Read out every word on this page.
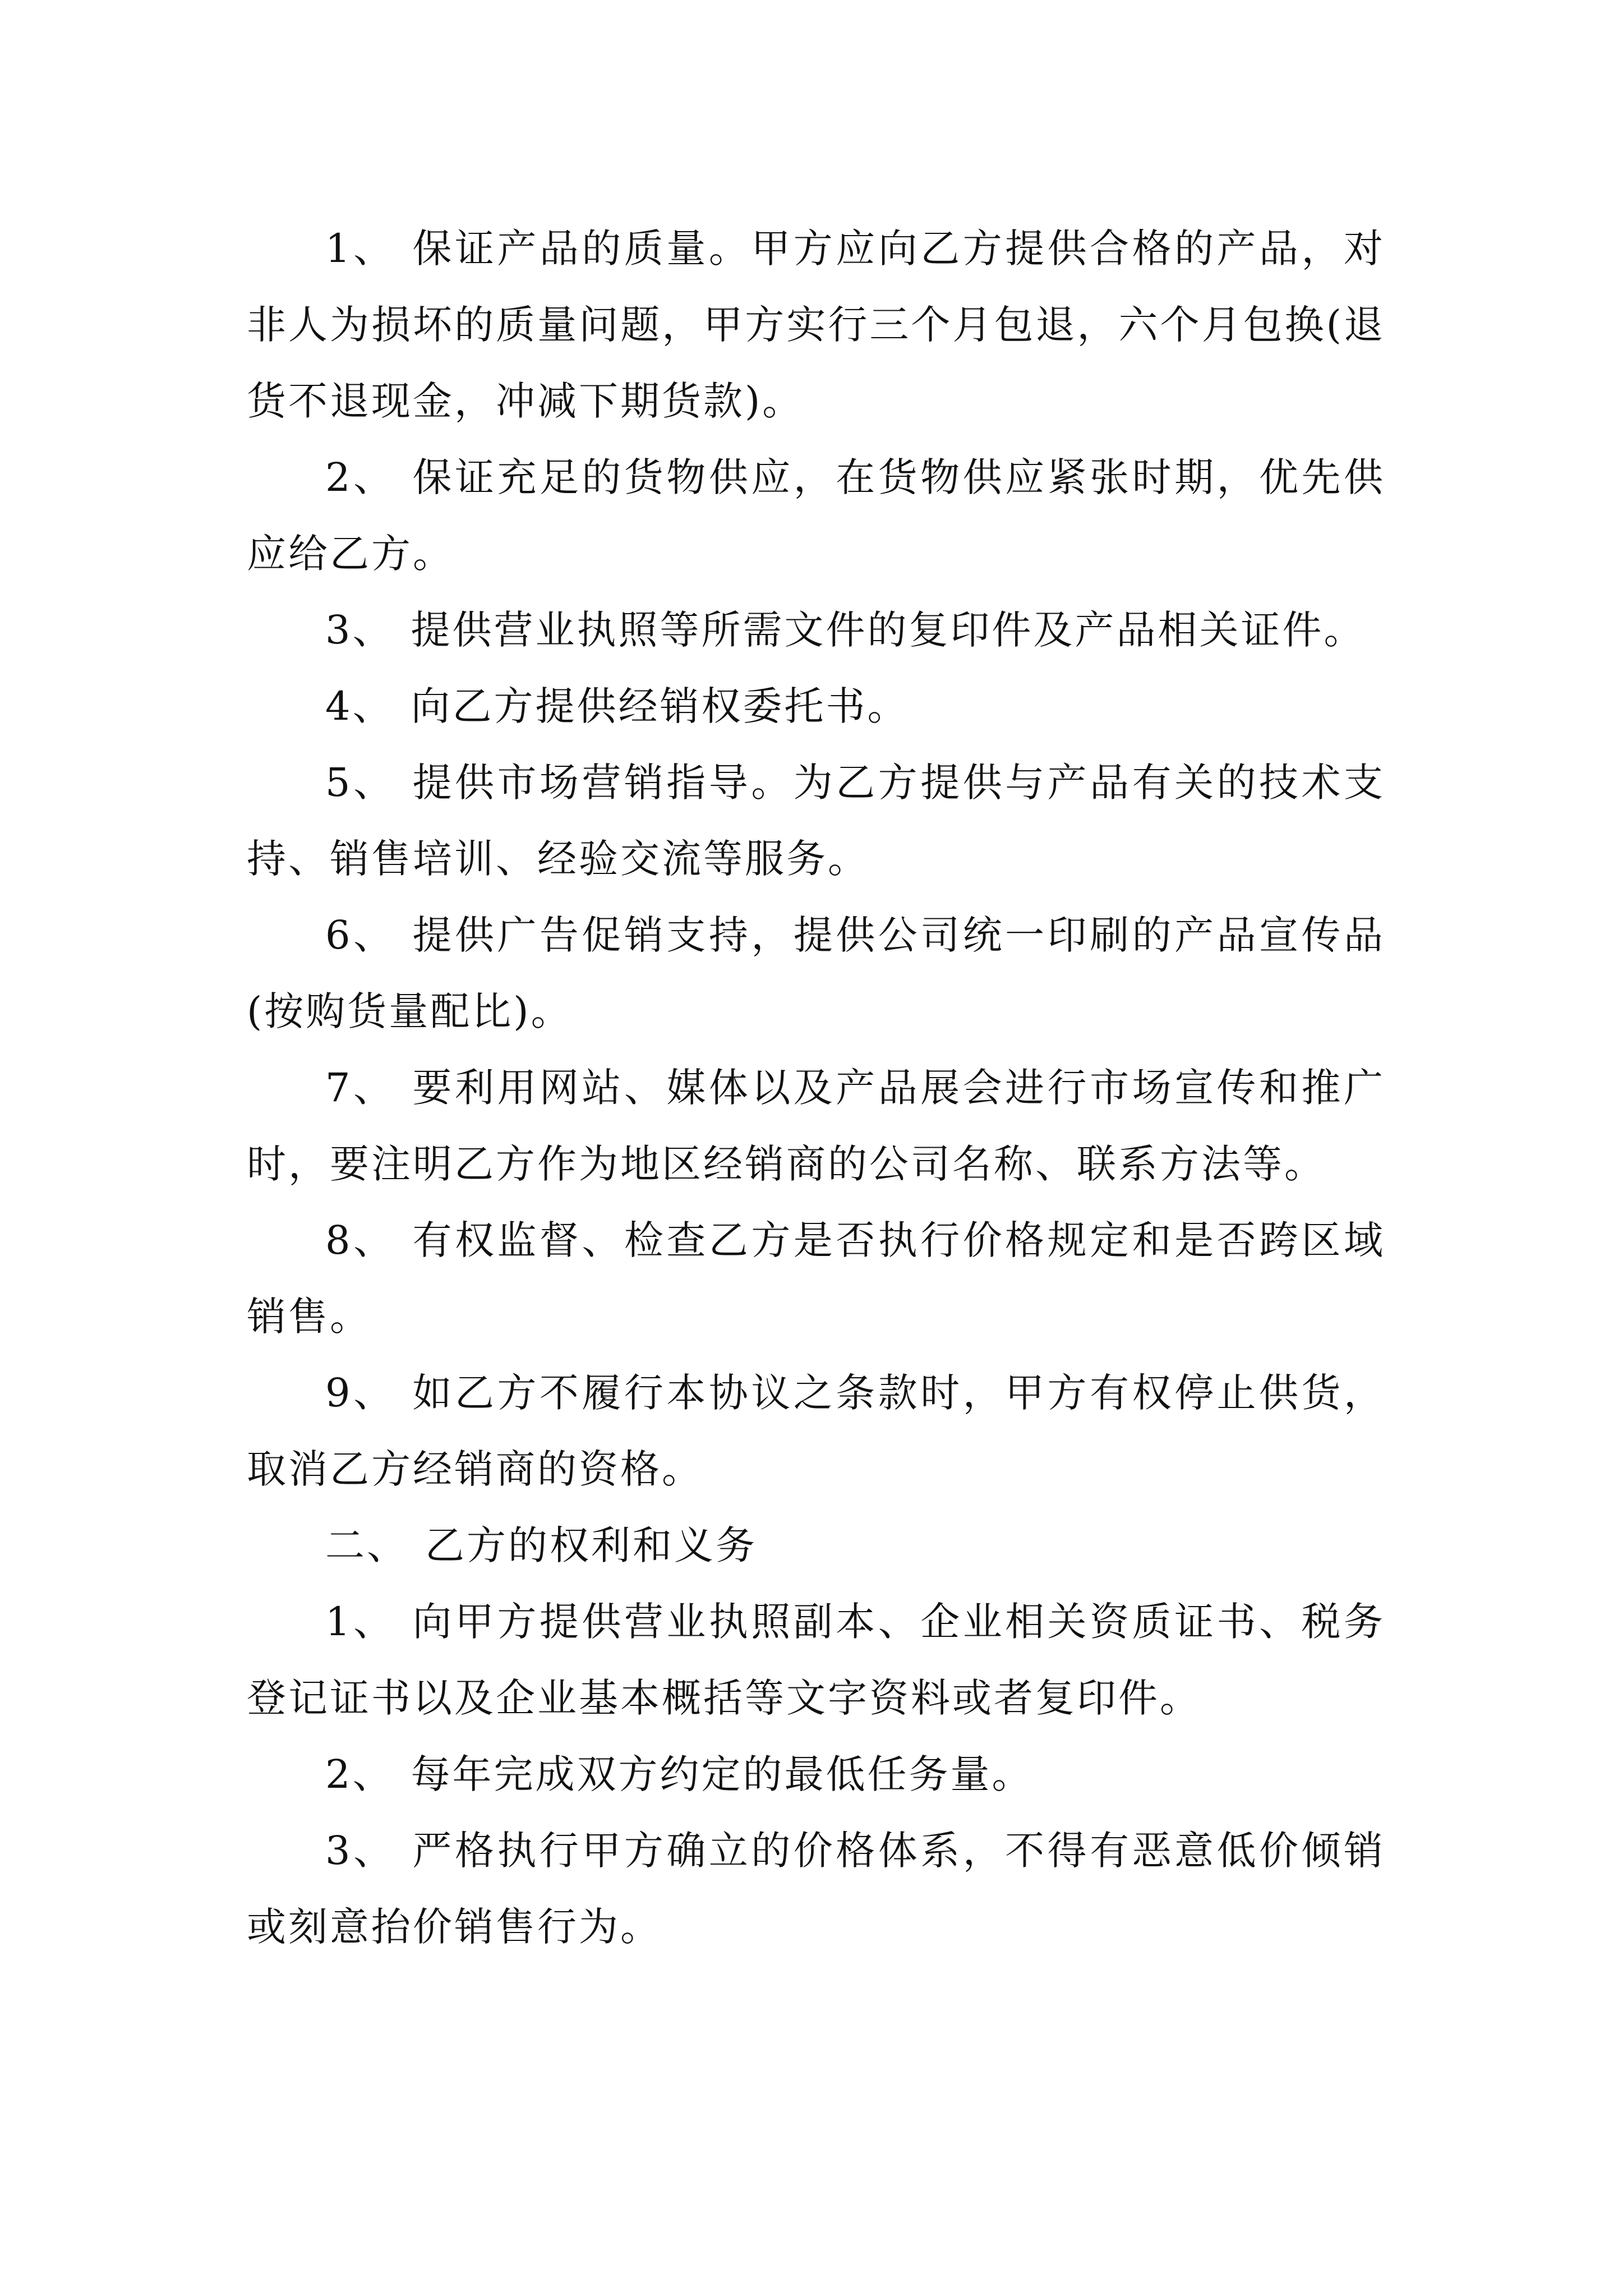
1、 保证产品的质量。甲方应向乙方提供合格的产品，对非人为损坏的质量问题，甲方实行三个月包退，六个月包换(退货不退现金，冲减下期货款)。

2、 保证充足的货物供应，在货物供应紧张时期，优先供应给乙方。

3、 提供营业执照等所需文件的复印件及产品相关证件。

4、 向乙方提供经销权委托书。

5、 提供市场营销指导。为乙方提供与产品有关的技术支持、销售培训、经验交流等服务。

6、 提供广告促销支持，提供公司统一印刷的产品宣传品(按购货量配比)。

7、 要利用网站、媒体以及产品展会进行市场宣传和推广时，要注明乙方作为地区经销商的公司名称、联系方法等。

8、 有权监督、检查乙方是否执行价格规定和是否跨区域销售。

9、 如乙方不履行本协议之条款时，甲方有权停止供货，取消乙方经销商的资格。

二、 乙方的权利和义务

1、 向甲方提供营业执照副本、企业相关资质证书、税务登记证书以及企业基本概括等文字资料或者复印件。

2、 每年完成双方约定的最低任务量。

3、 严格执行甲方确立的价格体系，不得有恶意低价倾销或刻意抬价销售行为。
